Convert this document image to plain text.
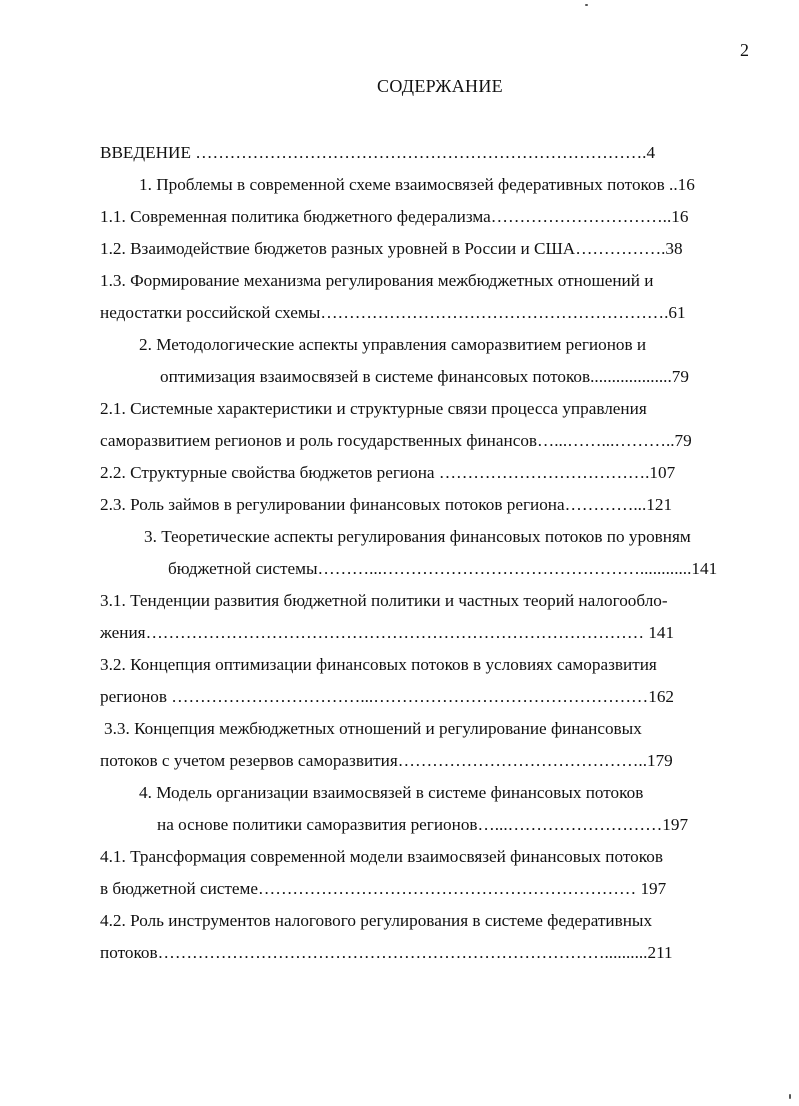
2
СОДЕРЖАНИЕ
ВВЕДЕНИЕ …………………………………………………………………….4
1. Проблемы в современной схеме взаимосвязей федеративных потоков ..16
1.1. Современная политика бюджетного федерализма…………………………..16
1.2. Взаимодействие бюджетов разных уровней в России и США…………….38
1.3. Формирование механизма регулирования межбюджетных отношений и
недостатки российской схемы…………………………………………………….61
2. Методологические аспекты управления саморазвитием регионов и
оптимизация взаимосвязей в системе финансовых потоков...................79
2.1. Системные характеристики и структурные связи процесса управления
саморазвитием регионов и роль государственных финансов…...……...………..79
2.2. Структурные свойства бюджетов региона ……………………………….107
2.3. Роль займов в регулировании финансовых потоков региона…………...121
3. Теоретические аспекты регулирования финансовых потоков по уровням
бюджетной системы………...………………………………………............141
3.1. Тенденции развития бюджетной политики и частных теорий налогообло-
жения…………………………………………………………………………… 141
3.2. Концепция оптимизации финансовых потоков в условиях саморазвития
регионов ……………………………...…………………………………………162
3.3. Концепция межбюджетных отношений и регулирование финансовых
потоков с учетом резервов саморазвития……………………………………..179
4. Модель организации взаимосвязей в системе финансовых потоков
на основе политики саморазвития регионов…...………………………197
4.1. Трансформация современной модели взаимосвязей финансовых потоков
в бюджетной системе………………………………………………………… 197
4.2. Роль инструментов налогового регулирования в системе федеративных
потоков……………………………………………………………………..........211
